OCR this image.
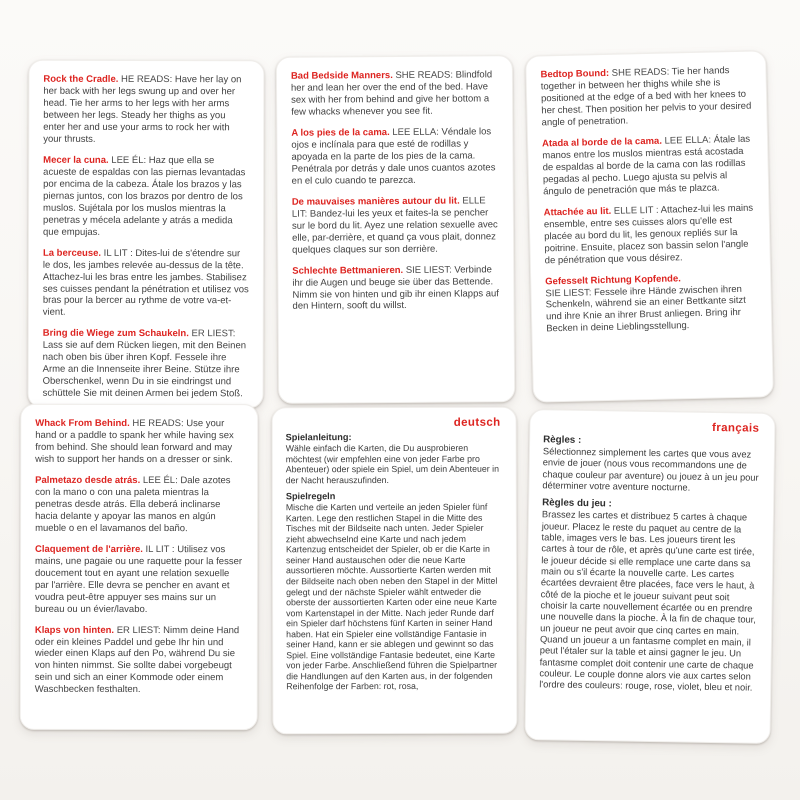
Rock the Cradle. HE READS: Have her lay on her back with her legs swung up and over her head. Tie her arms to her legs with her arms between her legs. Steady her thighs as you enter her and use your arms to rock her with your thrusts.

Mecer la cuna. LEE ÉL: Haz que ella se acueste de espaldas con las piernas levantadas por encima de la cabeza. Átale los brazos y las piernas juntos, con los brazos por dentro de los muslos. Sujétala por los muslos mientras la penetras y mécela adelante y atrás a medida que empujas.

La berceuse. IL LIT : Dites-lui de s'étendre sur le dos, les jambes relevée au-dessus de la tête. Attachez-lui les bras entre les jambes. Stabilisez ses cuisses pendant la pénétration et utilisez vos bras pour la bercer au rythme de votre va-et-vient.

Bring die Wiege zum Schaukeln. ER LIEST: Lass sie auf dem Rücken liegen, mit den Beinen nach oben bis über ihren Kopf. Fessele ihre Arme an die Innenseite ihrer Beine. Stütze ihre Oberschenkel, wenn Du in sie eindringst und schüttele Sie mit deinen Armen bei jedem Stoß.

Bad Bedside Manners. SHE READS: Blindfold her and lean her over the end of the bed. Have sex with her from behind and give her bottom a few whacks whenever you see fit.

A los pies de la cama. LEE ELLA: Véndale los ojos e inclínala para que esté de rodillas y apoyada en la parte de los pies de la cama. Penétrala por detrás y dale unos cuantos azotes en el culo cuando te parezca.

De mauvaises manières autour du lit. ELLE LIT: Bandez-lui les yeux et faites-la se pencher sur le bord du lit. Ayez une relation sexuelle avec elle, par-derrière, et quand ça vous plait, donnez quelques claques sur son derrière.

Schlechte Bettmanieren. SIE LIEST: Verbinde ihr die Augen und beuge sie über das Bettende. Nimm sie von hinten und gib ihr einen Klapps auf den Hintern, sooft du willst.

Bedtop Bound: SHE READS: Tie her hands together in between her thighs while she is positioned at the edge of a bed with her knees to her chest. Then position her pelvis to your desired angle of penetration.

Atada al borde de la cama. LEE ELLA: Átale las manos entre los muslos mientras está acostada de espaldas al borde de la cama con las rodillas pegadas al pecho. Luego ajusta su pelvis al ángulo de penetración que más te plazca.

Attachée au lit. ELLE LIT : Attachez-lui les mains ensemble, entre ses cuisses alors qu'elle est placée au bord du lit, les genoux repliés sur la poitrine. Ensuite, placez son bassin selon l'angle de pénétration que vous désirez.

Gefesselt Richtung Kopfende.
SIE LIEST: Fessele ihre Hände zwischen ihren Schenkeln, während sie an einer Bettkante sitzt und ihre Knie an ihrer Brust anliegen. Bring ihr Becken in deine Lieblingsstellung.

Whack From Behind. HE READS: Use your hand or a paddle to spank her while having sex from behind. She should lean forward and may wish to support her hands on a dresser or sink.

Palmetazo desde atrás. LEE ÉL: Dale azotes con la mano o con una paleta mientras la penetras desde atrás. Ella deberá inclinarse hacia delante y apoyar las manos en algún mueble o en el lavamanos del baño.

Claquement de l'arrière. IL LIT : Utilisez vos mains, une pagaie ou une raquette pour la fesser doucement tout en ayant une relation sexuelle par l'arrière. Elle devra se pencher en avant et voudra peut-être appuyer ses mains sur un bureau ou un évier/lavabo.

Klaps von hinten. ER LIEST: Nimm deine Hand oder ein kleines Paddel und gebe Ihr hin und wieder einen Klaps auf den Po, während Du sie von hinten nimmst. Sie sollte dabei vorgebeugt sein und sich an einer Kommode oder einem Waschbecken festhalten.

deutsch
Spielanleitung:

Wähle einfach die Karten, die Du ausprobieren möchtest (wir empfehlen eine von jeder Farbe pro Abenteuer) oder spiele ein Spiel, um dein Abenteuer in der Nacht herauszufinden.

Spielregeln

Mische die Karten und verteile an jeden Spieler fünf Karten. Lege den restlichen Stapel in die Mitte des Tisches mit der Bildseite nach unten. Jeder Spieler zieht abwechselnd eine Karte und nach jedem Kartenzug entscheidet der Spieler, ob er die Karte in seiner Hand austauschen oder die neue Karte aussortieren möchte. Aussortierte Karten werden mit der Bildseite nach oben neben den Stapel in der Mittel gelegt und der nächste Spieler wählt entweder die oberste der aussortierten Karten oder eine neue Karte vom Kartenstapel in der Mitte. Nach jeder Runde darf ein Spieler darf höchstens fünf Karten in seiner Hand haben. Hat ein Spieler eine vollständige Fantasie in seiner Hand, kann er sie ablegen und gewinnt so das Spiel. Eine vollständige Fantasie bedeutet, eine Karte von jeder Farbe. Anschließend führen die Spielpartner die Handlungen auf den Karten aus, in der folgenden Reihenfolge der Farben: rot, rosa,

français
Règles :

Sélectionnez simplement les cartes que vous avez envie de jouer (nous vous recommandons une de chaque couleur par aventure) ou jouez à un jeu pour déterminer votre aventure nocturne.

Règles du jeu :

Brassez les cartes et distribuez 5 cartes à chaque joueur. Placez le reste du paquet au centre de la table, images vers le bas. Les joueurs tirent les cartes à tour de rôle, et après qu'une carte est tirée, le joueur décide si elle remplace une carte dans sa main ou s'il écarte la nouvelle carte. Les cartes écartées devraient être placées, face vers le haut, à côté de la pioche et le joueur suivant peut soit choisir la carte nouvellement écartée ou en prendre une nouvelle dans la pioche. À la fin de chaque tour, un joueur ne peut avoir que cinq cartes en main. Quand un joueur a un fantasme complet en main, il peut l'étaler sur la table et ainsi gagner le jeu. Un fantasme complet doit contenir une carte de chaque couleur. Le couple donne alors vie aux cartes selon l'ordre des couleurs: rouge, rose, violet, bleu et noir.
